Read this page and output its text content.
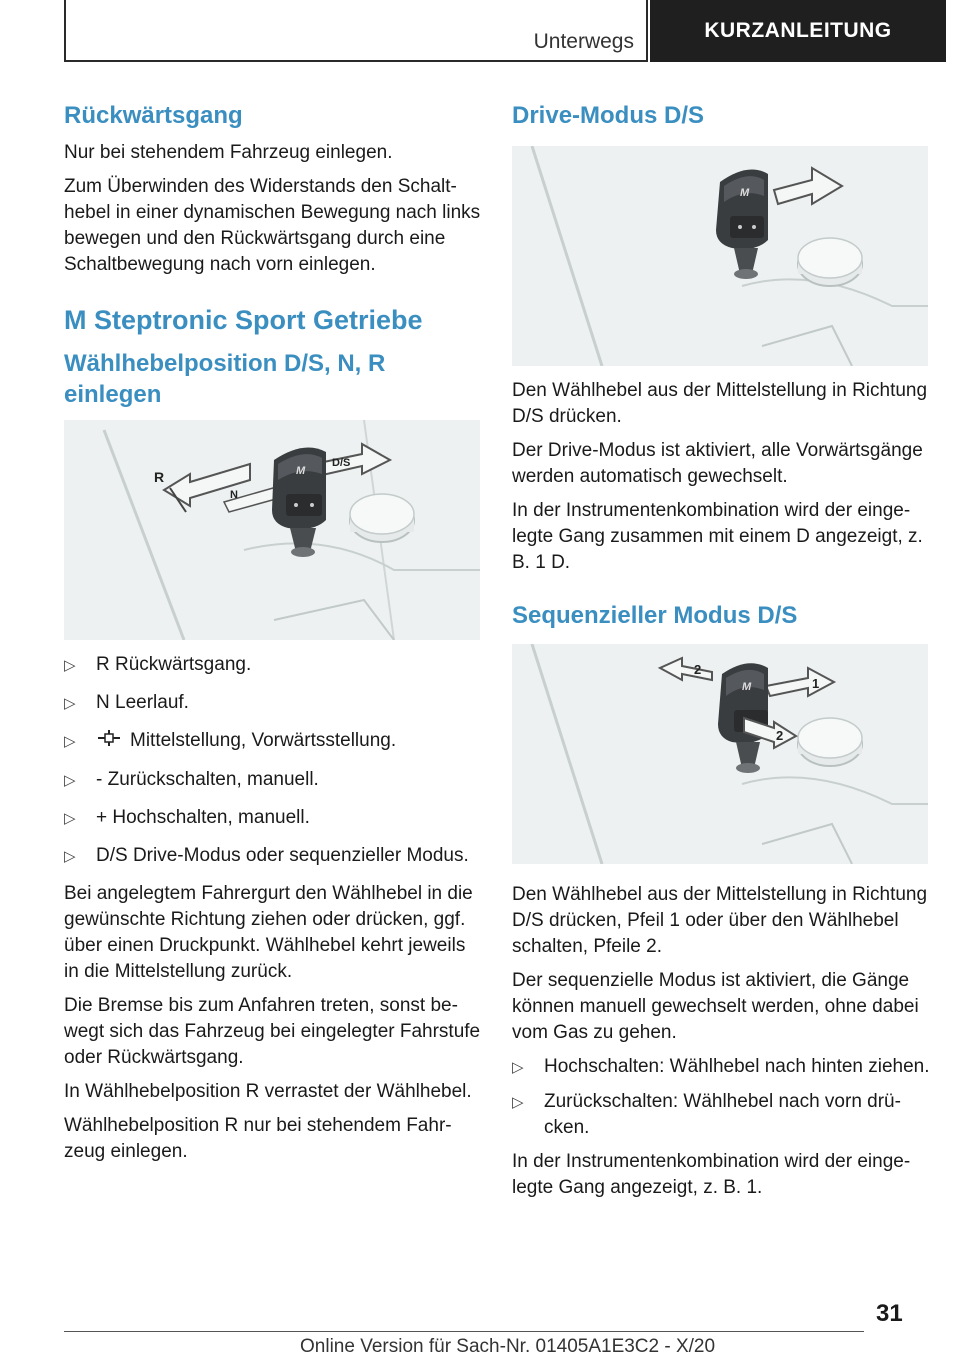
Unterwegs	KURZANLEITUNG
Rückwärtsgang

Nur bei stehendem Fahrzeug einlegen.

Zum Überwinden des Widerstands den Schalthebel in einer dynamischen Bewegung nach links bewegen und den Rückwärtsgang durch eine Schaltbewegung nach vorn einlegen.

M Steptronic Sport Getriebe
Wählhebelposition D/S, N, R einlegen
R
N
D/S
M
▷	R Rückwärtsgang.
▷	N Leerlauf.
▷	Mittelstellung, Vorwärtsstellung.
▷	- Zurückschalten, manuell.
▷	+ Hochschalten, manuell.
▷	D/S Drive-Modus oder sequenzieller Modus.

Bei angelegtem Fahrergurt den Wählhebel in die gewünschte Richtung ziehen oder drücken, ggf. über einen Druckpunkt. Wählhebel kehrt jeweils in die Mittelstellung zurück.

Die Bremse bis zum Anfahren treten, sonst bewegt sich das Fahrzeug bei eingelegter Fahrstufe oder Rückwärtsgang.

In Wählhebelposition R verrastet der Wählhebel.

Wählhebelposition R nur bei stehendem Fahrzeug einlegen.

Drive-Modus D/S
M

Den Wählhebel aus der Mittelstellung in Richtung D/S drücken.

Der Drive-Modus ist aktiviert, alle Vorwärtsgänge werden automatisch gewechselt.

In der Instrumentenkombination wird der eingelegte Gang zusammen mit einem D angezeigt, z. B. 1 D.

Sequenzieller Modus D/S
1
2
M
2

Den Wählhebel aus der Mittelstellung in Richtung D/S drücken, Pfeil 1 oder über den Wählhebel schalten, Pfeile 2.

Der sequenzielle Modus ist aktiviert, die Gänge können manuell gewechselt werden, ohne dabei vom Gas zu gehen.

▷	Hochschalten: Wählhebel nach hinten ziehen.
▷	Zurückschalten: Wählhebel nach vorn drücken.

In der Instrumentenkombination wird der eingelegte Gang angezeigt, z. B. 1.

31
Online Version für Sach-Nr. 01405A1E3C2 - X/20
